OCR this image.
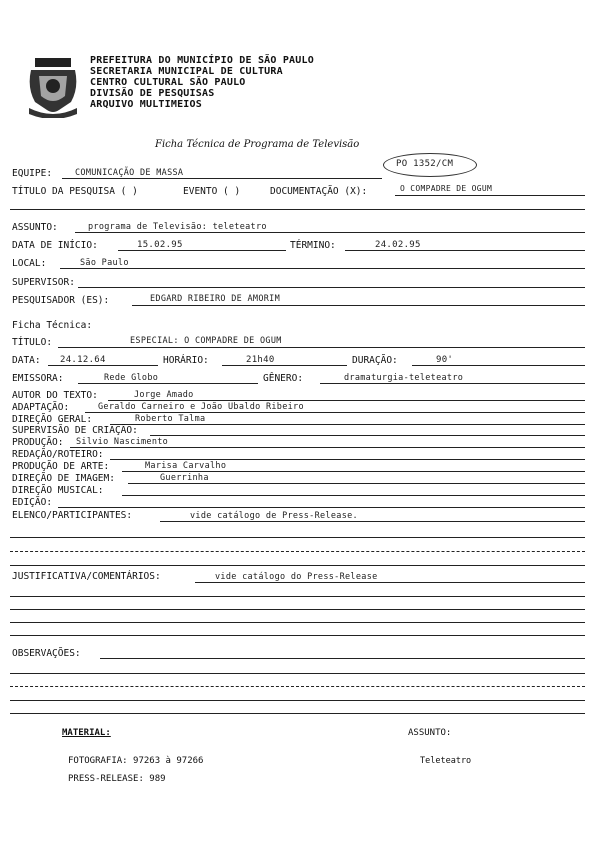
PREFEITURA DO MUNICÍPIO DE SÃO PAULO
SECRETARIA MUNICIPAL DE CULTURA
CENTRO CULTURAL SÃO PAULO
DIVISÃO DE PESQUISAS
ARQUIVO MULTIMEIOS
Ficha Técnica de Programa de Televisão
PO 1352/CM
EQUIPE:	COMUNICAÇÃO DE MASSA
TÍTULO DA PESQUISA ( )	EVENTO ( )	DOCUMENTAÇÃO (X):	O COMPADRE DE OGUM
ASSUNTO:	programa de Televisão: teleteatro
DATA DE INÍCIO:	15.02.95	TÉRMINO:	24.02.95
LOCAL:	São Paulo
SUPERVISOR:
PESQUISADOR (ES):	EDGARD RIBEIRO DE AMORIM
Ficha Técnica:
TÍTULO:	ESPECIAL: O COMPADRE DE OGUM
DATA: 24.12.64	HORÁRIO:	21h40	DURAÇÃO:	90'
EMISSORA:	Rede Globo	GÊNERO:	dramaturgia-teleteatro
AUTOR DO TEXTO:	Jorge Amado
ADAPTAÇÃO:	Geraldo Carneiro e João Ubaldo Ribeiro
DIREÇÃO GERAL:	Roberto Talma
SUPERVISÃO DE CRIAÇÃO:
PRODUÇÃO: Silvio Nascimento
REDAÇÃO/ROTEIRO:
PRODUÇÃO DE ARTE:	Marisa Carvalho
DIREÇÃO DE IMAGEM:	Guerrinha
DIREÇÃO MUSICAL:
EDIÇÃO:
ELENCO/PARTICIPANTES:	vide catálogo de Press-Release.
JUSTIFICATIVA/COMENTÁRIOS:	vide catálogo do Press-Release
OBSERVAÇÕES:
MATERIAL:	ASSUNTO:
FOTOGRAFIA: 97263 à 97266
PRESS-RELEASE: 989
Teleteatro
